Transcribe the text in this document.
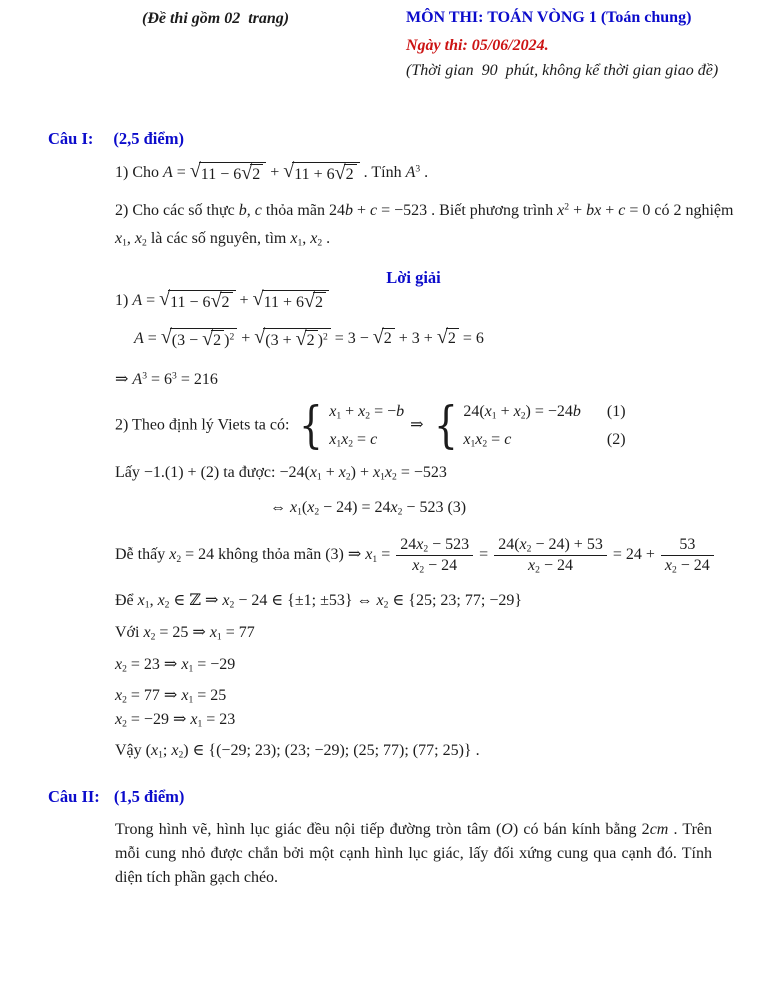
(Đề thi gồm 02  trang)	MÔN THI: TOÁN VÒNG 1 (Toán chung)
Ngày thi: 05/06/2024.
(Thời gian  90  phút, không kể thời gian giao đề)
Câu I: (2,5 điểm)
1) Cho A = √ 11 − 6 √ 2 + √ 11 + 6 √ 2 . Tính $A^3$ .
2) Cho các số thực b, c thỏa mãn 24b + c = −523 . Biết phương trình $x^2$ + bx + c = 0 có 2 nghiệm
$x_1$, $x_2$ là các số nguyên, tìm $x_1$, $x_2$ .
Lời giải
1) A = √ 11 − 6 √ 2 + √ 11 + 6 √ 2
A = √ (3 − √ 2 )$^2$ + √ (3 + √ 2 )$^2$ = 3 − √ 2 + 3 + √ 2 = 6
⇒ $A^3 = 6^3 = 216$
2) Theo định lý Viets ta có: { $x_1 + x_2 = -b$
$x_1x_2 = c$
⇒ { $24(x_1 + x_2) = -24b$	(1)
$x_1x_2 = c$	(2)
Lấy −1.(1) + (2) ta được: $-24(x_1 + x_2) + x_1x_2 = -523$
⇔ $x_1(x_2 - 24) = 24x_2 - 523$ (3)
Dễ thấy $x_2 = 24$ không thỏa mãn (3) ⇒ $x_1 = \frac{24x_2 - 523}{x_2 - 24} = \frac{24(x_2 - 24) + 53}{x_2 - 24} = 24 + \frac{53}{x_2 - 24}$
Để $x_1$, $x_2$ ∈ ℤ ⇒ $x_2 - 24$ ∈ {±1; ±53} ⇔ $x_2$ ∈ {25; 23; 77; −29}
Với $x_2 = 25$ ⇒ $x_1 = 77$
$x_2 = 23$ ⇒ $x_1 = -29$
$x_2 = 77$ ⇒ $x_1 = 25$
$x_2 = -29$ ⇒ $x_1 = 23$
Vậy ($x_1$; $x_2$) ∈ {(−29; 23); (23; −29); (25; 77); (77; 25)} .
Câu II: (1,5 điểm)
Trong hình vẽ, hình lục giác đều nội tiếp đường tròn tâm (O) có bán kính bằng 2cm . Trên mỗi cung nhỏ được chắn bởi một cạnh hình lục giác, lấy đối xứng cung qua cạnh đó. Tính diện tích phần gạch chéo.
